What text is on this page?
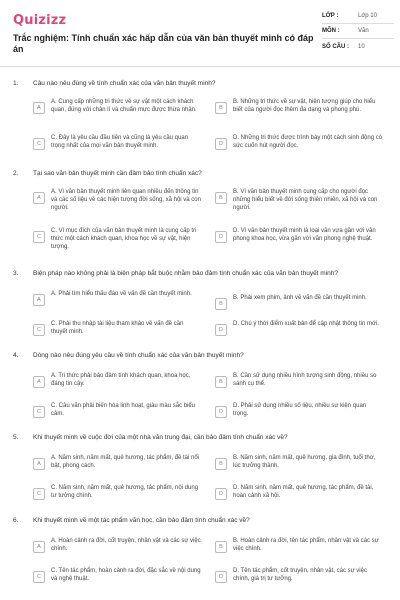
Quizizz
Trắc nghiệm: Tính chuẩn xác hấp dẫn của văn bản thuyết minh có đáp án
LỚP :	Lớp 10
MÔN :	Văn
SỐ CÂU :	10
1. Câu nào nêu đúng về tính chuẩn xác của văn bản thuyết minh?
A
A. Cung cấp những tri thức về sự vật một cách khách quan, đúng với chân lí và chuẩn mực được thừa nhận.	B
B. Những tri thức về sự vật, hiện tượng giúp cho hiểu biết của người đọc thêm đa dạng và phong phú.
C
C. Đây là yêu cầu đầu tiên và cũng là yêu cầu quan trọng nhất của mọi văn bản thuyết minh.	D
D. Những tri thức được trình bày một cách sinh động có sức cuốn hút người đọc.
2. Tại sao văn bản thuyết minh cần đảm bảo tính chuẩn xác?
A
A. Vì văn bản thuyết minh liên quan nhiều đến thông tin và các số liệu về các hiện tượng đời sống, xã hội và con người.
B
B. Vì văn bản thuyết minh cung cấp cho người đọc những hiểu biết về đời sống thiên nhiên, xã hội và con người.
C
C. Vì mục đích của văn bản thuyết minh là cung cấp tri thức một cách khách quan, khoa học về sự vật, hiện tượng.
D
D. Vì văn bản thuyết minh là loại văn vựa gần với văn phong khoa học, vừa gần với văn phong nghệ thuật.
3. Biện pháp nào không phải là biện pháp bắt buộc nhằm bảo đảm tính chuẩn xác của văn bản thuyết minh?
A
A. Phải tìm hiểu thấu đáo về vấn đề cần thuyết minh.
B
B. Phải xem phim, ảnh về vấn đề cần thuyết minh.
C
C. Phải thu nhập tài liệu tham khảo về vấn đề cần thuyết minh.	D
D. Chú ý thời điểm xuất bản để cập nhật thông tin mới.
4. Dòng nào nêu đúng yêu cầu về tính chuẩn xác của văn bản thuyết minh?
A
A. Tri thức phải bảo đảm tính khách quan, khoa học, đáng tin cậy.	B
B. Cần sử dụng nhiều hình tượng sinh động, nhiều so sánh cụ thể.
C
C. Câu văn phải biến hóa linh hoạt, giàu màu sắc biểu cảm.	D
D. Phải sử dụng nhiều số liệu, nhiều sự kiện quan trọng.
5. Khi thuyết minh về cuộc đời của một nhà văn trung đại, cần bảo đảm tính chuẩn xác về?
A
A. Năm sinh, năm mất, quê hương, tác phẩm, đề tài nổi bật, phong cách.	B
B. Năm sinh, năm mất, quê hương, gia đình, tuổi thơ, lúc trưởng thành.
C
C. Năm sinh, năm mất, quê hương, tác phẩm, nội dung tư tưởng chính.	D
D. Năm sinh, năm mất, quê hương, tác phẩm, đề tài, hoàn cảnh xã hội.
6. Khi thuyết minh về một tác phẩm văn học, cần bảo đảm tính chuẩn xác về?
A
A. Hoàn cảnh ra đời, cốt truyện, nhân vật và các sự việc chính.	B
B. Hoàn cảnh ra đời, tên tác phẩm, nhân vật và các sự việc chính.
C
C. Tên tác phẩm, hoàn cảnh ra đời, đặc sắc về nội dung và nghệ thuật.	D
D. Tên tác phẩm, cốt truyện, nhân vật, các sự việc chính, giá trị tư tưởng.
